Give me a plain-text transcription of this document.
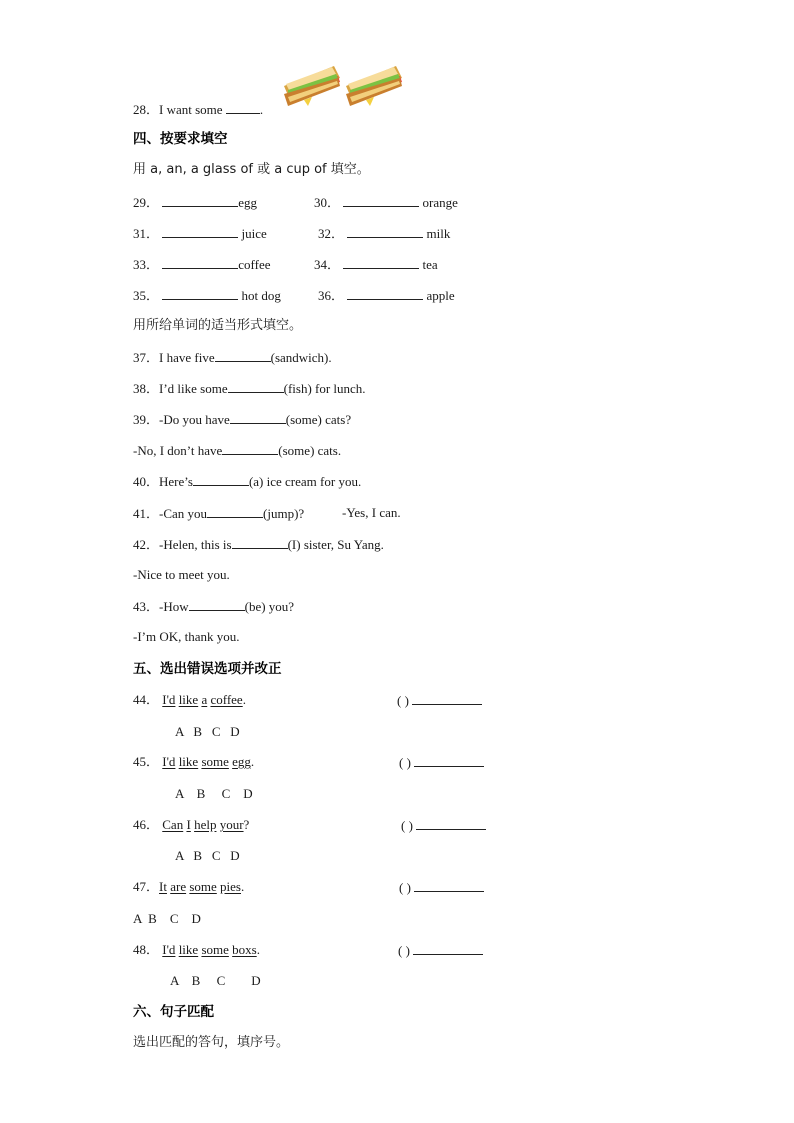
28．I want some	.
四、按要求填空
用 a, an, a glass of 或 a cup of 填空。
29．	egg	30．	orange
31．	juice	32．	milk
33．	coffee	34．	tea
35．	hot dog	36．	apple
用所给单词的适当形式填空。
37．I have five	(sandwich).
38．I’d like some	(fish) for lunch.
39．-Do you have	(some) cats?
-No, I don’t have	(some) cats.
40．Here’s	(a) ice cream for you.
41．-Can you	(jump)?	-Yes, I can.
42．-Helen, this is	(I) sister, Su Yang.
-Nice to meet you.
43．-How	(be) you?
-I’m OK, thank you.
五、选出错误选项并改正
44． I'd like a coffee.	( )
A   B   C   D
45． I'd like some egg.	( )
A    B     C    D
46． Can I help your?	( )
A   B   C   D
47．It are some pies.	( )
A  B    C    D
48． I'd like some boxs.	( )
A    B     C        D
六、句子匹配
选出匹配的答句，填序号。
